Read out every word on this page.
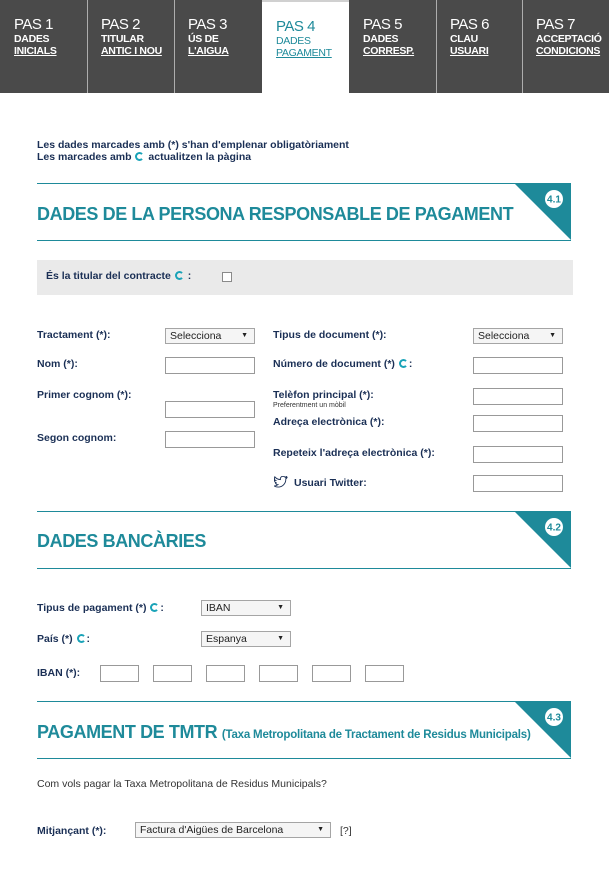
PAS 1
DADES
INICIALS
PAS 2
TITULAR
ANTIC I NOU
PAS 3
ÚS DE
L'AIGUA
PAS 4
DADES
PAGAMENT
PAS 5
DADES
CORRESP.
PAS 6
CLAU
USUARI
PAS 7
ACCEPTACIÓ
CONDICIONS
Les dades marcades amb (*) s'han d'emplenar obligatòriament
Les marcades amb actualitzen la pàgina
DADES DE LA PERSONA RESPONSABLE DE PAGAMENT
4.1
És la titular del contracte :
Tractament (*):	Selecciona	▼
Nom (*):
Primer cognom (*):
Segon cognom:
Tipus de document (*):	Selecciona	▼
Número de document (*) :
Telèfon principal (*):
Preferentment un mòbil
Adreça electrònica (*):
Repeteix l'adreça electrònica (*):
Usuari Twitter:
DADES BANCÀRIES
4.2
Tipus de pagament (*) :	IBAN	▼
País (*) :	Espanya	▼
IBAN (*):
PAGAMENT DE TMTR (Taxa Metropolitana de Tractament de Residus Municipals)
4.3
Com vols pagar la Taxa Metropolitana de Residus Municipals?
Mitjançant (*):	Factura d'Aigües de Barcelona	▼ [?]
